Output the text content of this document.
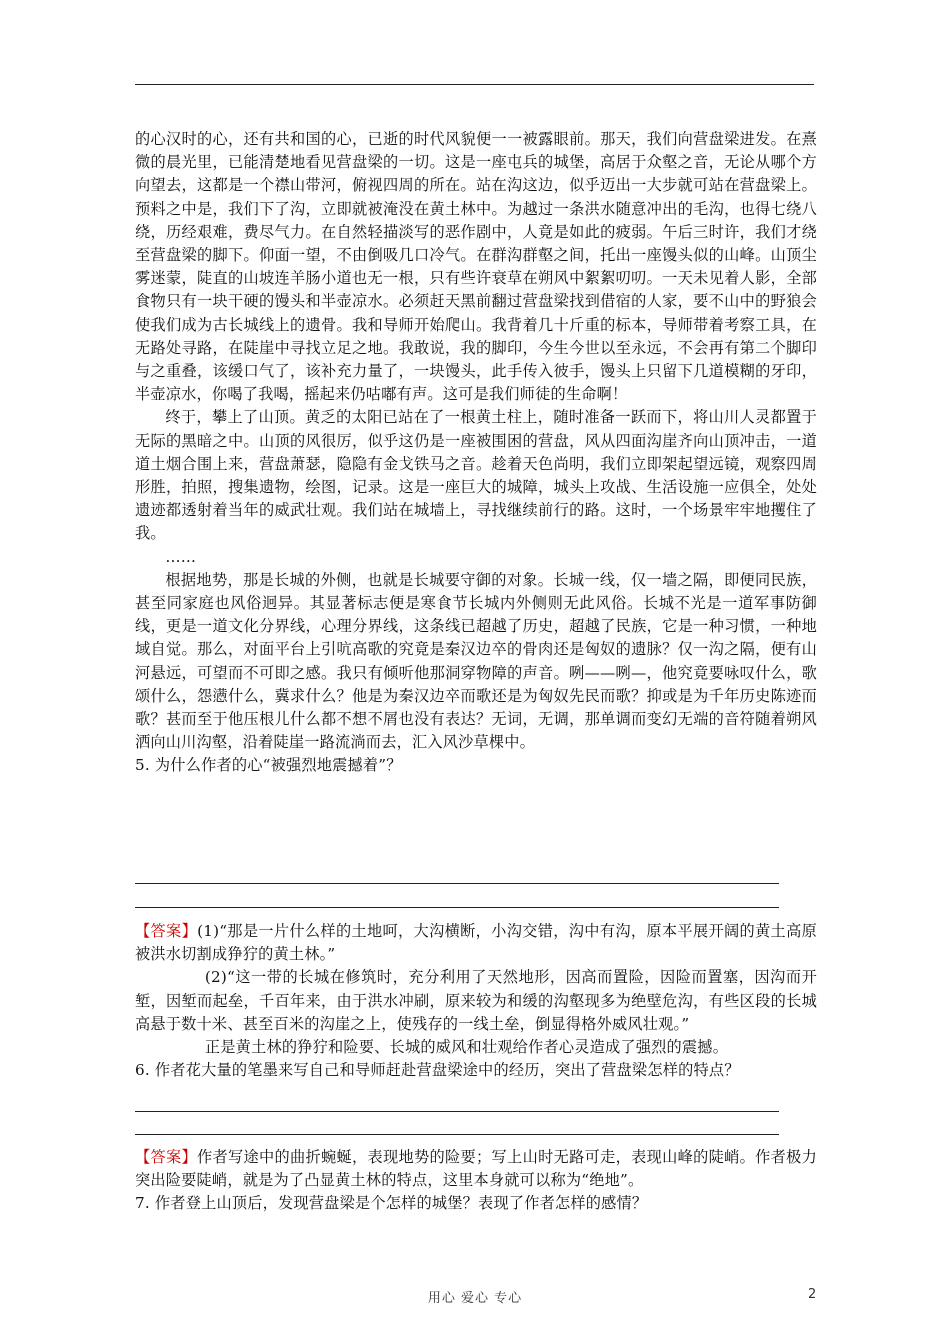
的心汉时的心，还有共和国的心，已逝的时代风貌便一一被露眼前。那天，我们向营盘梁进发。在熹微的晨光里，已能清楚地看见营盘梁的一切。这是一座屯兵的城堡，高居于众壑之音，无论从哪个方向望去，这都是一个襟山带河，俯视四周的所在。站在沟这边，似乎迈出一大步就可站在营盘梁上。预料之中是，我们下了沟，立即就被淹没在黄土林中。为越过一条洪水随意冲出的毛沟，也得七绕八绕，历经艰难，费尽气力。在自然轻描淡写的恶作剧中，人竟是如此的疲弱。午后三时许，我们才绕至营盘梁的脚下。仰面一望，不由倒吸几口冷气。在群沟群壑之间，托出一座馒头似的山峰。山顶尘雾迷蒙，陡直的山坡连羊肠小道也无一根，只有些许衰草在朔风中絮絮叨叨。一天未见着人影，全部食物只有一块干硬的馒头和半壶凉水。必须赶天黑前翻过营盘梁找到借宿的人家，要不山中的野狼会使我们成为古长城线上的遗骨。我和导师开始爬山。我背着几十斤重的标本，导师带着考察工具，在无路处寻路，在陡崖中寻找立足之地。我敢说，我的脚印，今生今世以至永远，不会再有第二个脚印与之重叠，该缓口气了，该补充力量了，一块馒头，此手传入彼手，馒头上只留下几道模糊的牙印，半壶凉水，你喝了我喝，摇起来仍咕嘟有声。这可是我们师徒的生命啊！

终于，攀上了山顶。黄乏的太阳已站在了一根黄土柱上，随时准备一跃而下，将山川人灵都置于无际的黑暗之中。山顶的风很厉，似乎这仍是一座被围困的营盘，风从四面沟崖齐向山顶冲击，一道道土烟合围上来，营盘萧瑟，隐隐有金戈铁马之音。趁着天色尚明，我们立即架起望远镜，观察四周形胜，拍照，搜集遗物，绘图，记录。这是一座巨大的城障，城头上攻战、生活设施一应俱全，处处遗迹都透射着当年的威武壮观。我们站在城墙上，寻找继续前行的路。这时，一个场景牢牢地攫住了我。

……

根据地势，那是长城的外侧，也就是长城要守御的对象。长城一线，仅一墙之隔，即便同民族，甚至同家庭也风俗迥异。其显著标志便是寒食节长城内外侧则无此风俗。长城不光是一道军事防御线，更是一道文化分界线，心理分界线，这条线已超越了历史，超越了民族，它是一种习惯，一种地域自觉。那么，对面平台上引吭高歌的究竟是秦汉边卒的骨肉还是匈奴的遗脉？仅一沟之隔，便有山河悬远，可望而不可即之感。我只有倾听他那洞穿物障的声音。咧——咧—，他究竟要咏叹什么，歌颂什么，怨懑什么，冀求什么？他是为秦汉边卒而歌还是为匈奴先民而歌？抑或是为千年历史陈迹而歌？甚而至于他压根儿什么都不想不屑也没有表达？无词，无调，那单调而变幻无端的音符随着朔风洒向山川沟壑，沿着陡崖一路流淌而去，汇入风沙草棵中。

5. 为什么作者的心“被强烈地震撼着”？

【答案】(1)“那是一片什么样的土地呵，大沟横断，小沟交错，沟中有沟，原本平展开阔的黄土高原被洪水切割成狰狞的黄土林。”

(2)“这一带的长城在修筑时，充分利用了天然地形，因高而置险，因险而置塞，因沟而开堑，因堑而起垒，千百年来，由于洪水冲刷，原来较为和缓的沟壑现多为绝壁危沟，有些区段的长城高悬于数十米、甚至百米的沟崖之上，使残存的一线土垒，倒显得格外威风壮观。”

正是黄土林的狰狞和险要、长城的威风和壮观给作者心灵造成了强烈的震撼。

6. 作者花大量的笔墨来写自己和导师赶赴营盘梁途中的经历，突出了营盘梁怎样的特点？

【答案】作者写途中的曲折蜿蜒，表现地势的险要；写上山时无路可走，表现山峰的陡峭。作者极力突出险要陡峭，就是为了凸显黄土林的特点，这里本身就可以称为“绝地”。

7. 作者登上山顶后，发现营盘梁是个怎样的城堡？表现了作者怎样的感情？

用心 爱心 专心	2
